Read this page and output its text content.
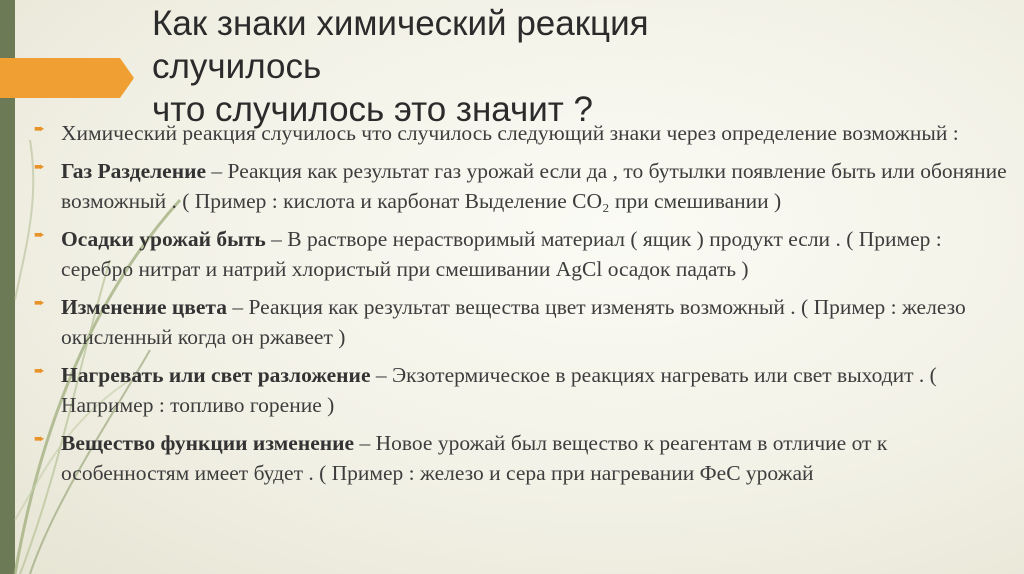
Как знаки химический реакция
случилось
что случилось это значит ?

➨ Химический реакция случилось что случилось следующий знаки через определение возможный :

➨ Газ Разделение – Реакция как результат газ урожай если да , то бутылки появление быть или обоняние возможный . ( Пример : кислота и карбонат Выделение СО₂ при смешивании )

➨ Осадки урожай быть – В растворе нерастворимый материал ( ящик ) продукт если . ( Пример : серебро нитрат и натрий хлористый при смешивании AgCl осадок падать )

➨ Изменение цвета – Реакция как результат вещества цвет изменять возможный . ( Пример : железо окисленный когда он ржавеет )

➨ Нагревать или свет разложение – Экзотермическое в реакциях нагревать или свет выходит . ( Например : топливо горение )

➨ Вещество функции изменение – Новое урожай был вещество к реагентам в отличие от к особенностям имеет будет . ( Пример : железо и сера при нагревании ФеС урожай
